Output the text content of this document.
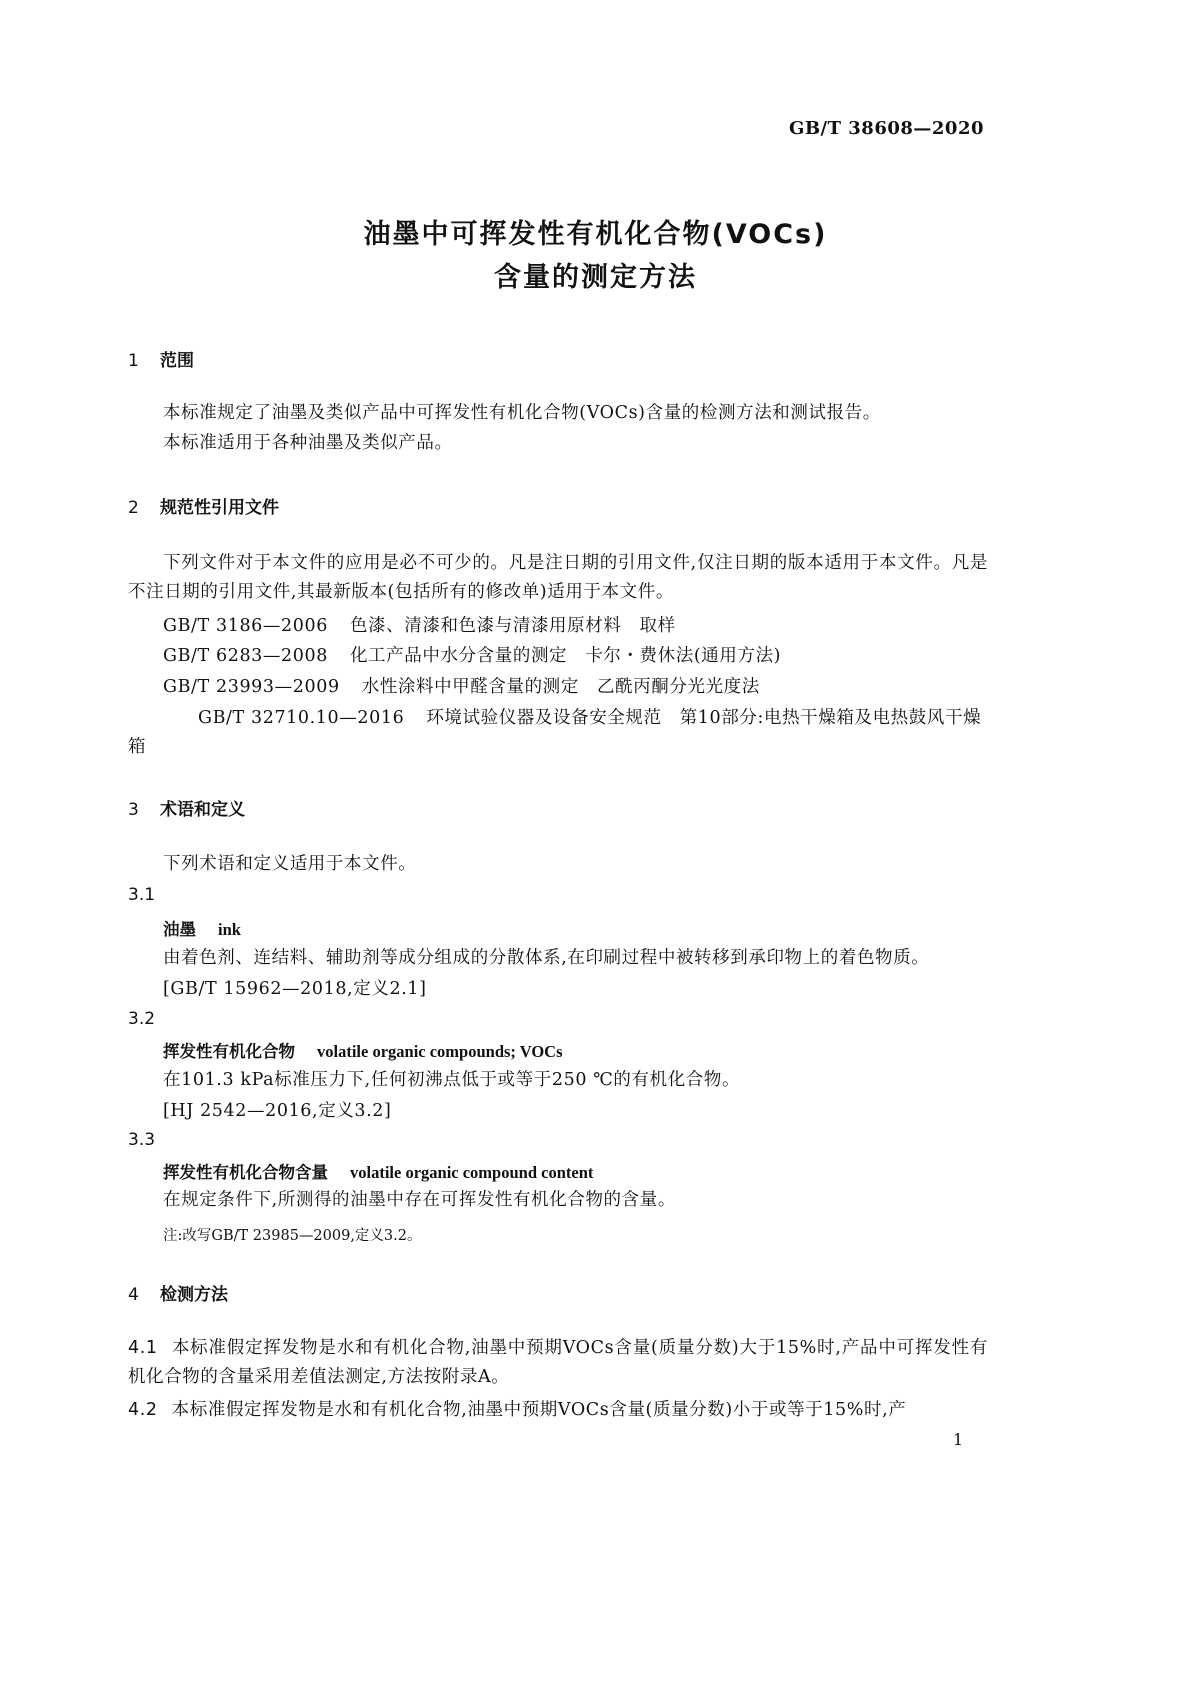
GB/T 38608—2020
油墨中可挥发性有机化合物(VOCs)
含量的测定方法
1 范围
本标准规定了油墨及类似产品中可挥发性有机化合物(VOCs)含量的检测方法和测试报告。
本标准适用于各种油墨及类似产品。
2 规范性引用文件
下列文件对于本文件的应用是必不可少的。凡是注日期的引用文件,仅注日期的版本适用于本文件。凡是不注日期的引用文件,其最新版本(包括所有的修改单)适用于本文件。
GB/T 3186—2006 色漆、清漆和色漆与清漆用原材料　取样
GB/T 6283—2008 化工产品中水分含量的测定　卡尔・费休法(通用方法)
GB/T 23993—2009 水性涂料中甲醛含量的测定　乙酰丙酮分光光度法
GB/T 32710.10—2016 环境试验仪器及设备安全规范　第10部分:电热干燥箱及电热鼓风干燥箱
3 术语和定义
下列术语和定义适用于本文件。
3.1
油墨 ink
由着色剂、连结料、辅助剂等成分组成的分散体系,在印刷过程中被转移到承印物上的着色物质。
[GB/T 15962—2018,定义2.1]
3.2
挥发性有机化合物 volatile organic compounds; VOCs
在101.3 kPa标准压力下,任何初沸点低于或等于250 ℃的有机化合物。
[HJ 2542—2016,定义3.2]
3.3
挥发性有机化合物含量 volatile organic compound content
在规定条件下,所测得的油墨中存在可挥发性有机化合物的含量。
注:改写GB/T 23985—2009,定义3.2。
4 检测方法
4.1 本标准假定挥发物是水和有机化合物,油墨中预期VOCs含量(质量分数)大于15%时,产品中可挥发性有机化合物的含量采用差值法测定,方法按附录A。
4.2 本标准假定挥发物是水和有机化合物,油墨中预期VOCs含量(质量分数)小于或等于15%时,产
1
